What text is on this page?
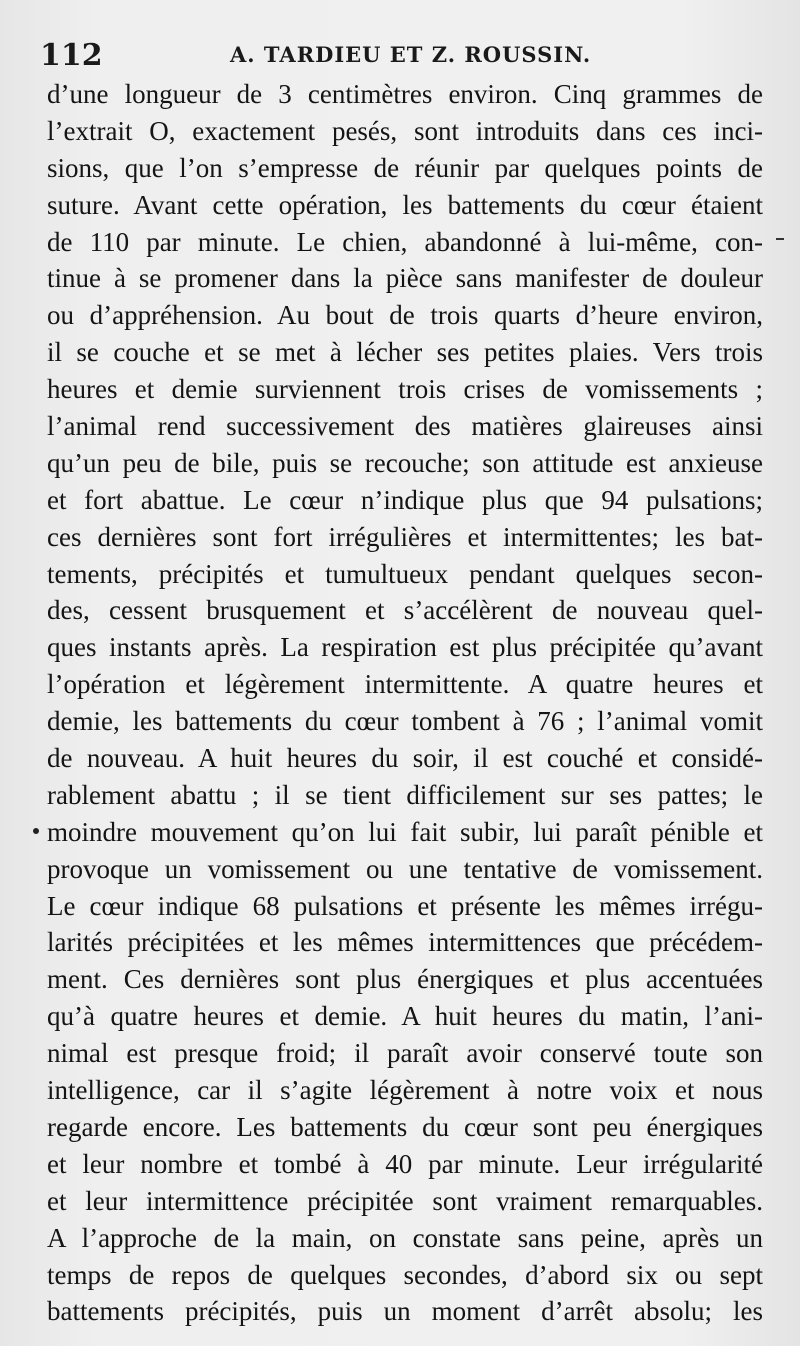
112	A. TARDIEU ET Z. ROUSSIN.
d’une longueur de 3 centimètres environ. Cinq grammes de
l’extrait O, exactement pesés, sont introduits dans ces inci-
sions, que l’on s’empresse de réunir par quelques points de
suture. Avant cette opération, les battements du cœur étaient
de 110 par minute. Le chien, abandonné à lui-même, con-
tinue à se promener dans la pièce sans manifester de douleur
ou d’appréhension. Au bout de trois quarts d’heure environ,
il se couche et se met à lécher ses petites plaies. Vers trois
heures et demie surviennent trois crises de vomissements ;
l’animal rend successivement des matières glaireuses ainsi
qu’un peu de bile, puis se recouche; son attitude est anxieuse
et fort abattue. Le cœur n’indique plus que 94 pulsations;
ces dernières sont fort irrégulières et intermittentes; les bat-
tements, précipités et tumultueux pendant quelques secon-
des, cessent brusquement et s’accélèrent de nouveau quel-
ques instants après. La respiration est plus précipitée qu’avant
l’opération et légèrement intermittente. A quatre heures et
demie, les battements du cœur tombent à 76 ; l’animal vomit
de nouveau. A huit heures du soir, il est couché et considé-
rablement abattu ; il se tient difficilement sur ses pattes; le
moindre mouvement qu’on lui fait subir, lui paraît pénible et
provoque un vomissement ou une tentative de vomissement.
Le cœur indique 68 pulsations et présente les mêmes irrégu-
larités précipitées et les mêmes intermittences que précédem-
ment. Ces dernières sont plus énergiques et plus accentuées
qu’à quatre heures et demie. A huit heures du matin, l’ani-
nimal est presque froid; il paraît avoir conservé toute son
intelligence, car il s’agite légèrement à notre voix et nous
regarde encore. Les battements du cœur sont peu énergiques
et leur nombre et tombé à 40 par minute. Leur irrégularité
et leur intermittence précipitée sont vraiment remarquables.
A l’approche de la main, on constate sans peine, après un
temps de repos de quelques secondes, d’abord six ou sept
battements précipités, puis un moment d’arrêt absolu; les
